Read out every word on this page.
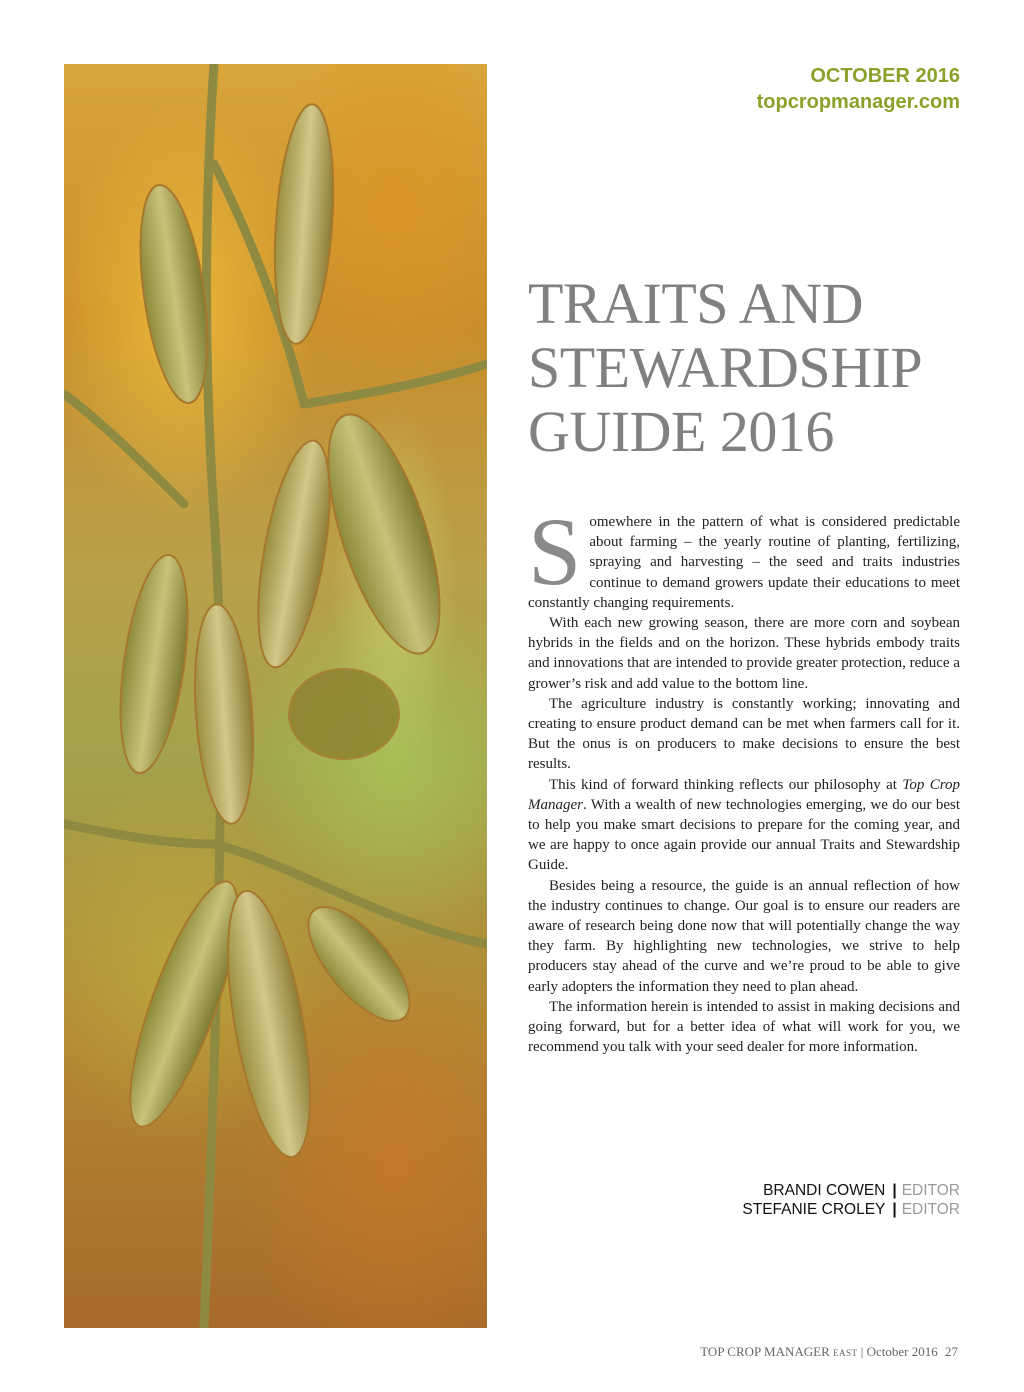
OCTOBER 2016
topcropmanager.com
TRAITS AND
STEWARDSHIP
GUIDE 2016

Somewhere in the pattern of what is considered predictable about farming – the yearly routine of planting, fertilizing, spraying and harvesting – the seed and traits industries continue to demand growers update their educations to meet constantly changing requirements.

With each new growing season, there are more corn and soybean hybrids in the fields and on the horizon. These hybrids embody traits and innovations that are intended to provide greater protection, reduce a grower’s risk and add value to the bottom line.

The agriculture industry is constantly working; innovating and creating to ensure product demand can be met when farmers call for it. But the onus is on producers to make decisions to ensure the best results.

This kind of forward thinking reflects our philosophy at Top Crop Manager. With a wealth of new technologies emerging, we do our best to help you make smart decisions to prepare for the coming year, and we are happy to once again provide our annual Traits and Stewardship Guide.

Besides being a resource, the guide is an annual reflection of how the industry continues to change. Our goal is to ensure our readers are aware of research being done now that will potentially change the way they farm. By highlighting new technologies, we strive to help producers stay ahead of the curve and we’re proud to be able to give early adopters the information they need to plan ahead.

The information herein is intended to assist in making decisions and going forward, but for a better idea of what will work for you, we recommend you talk with your seed dealer for more information.

BRANDI COWEN | EDITOR
STEFANIE CROLEY | EDITOR
TOP CROP MANAGER EAST | October 2016 27
